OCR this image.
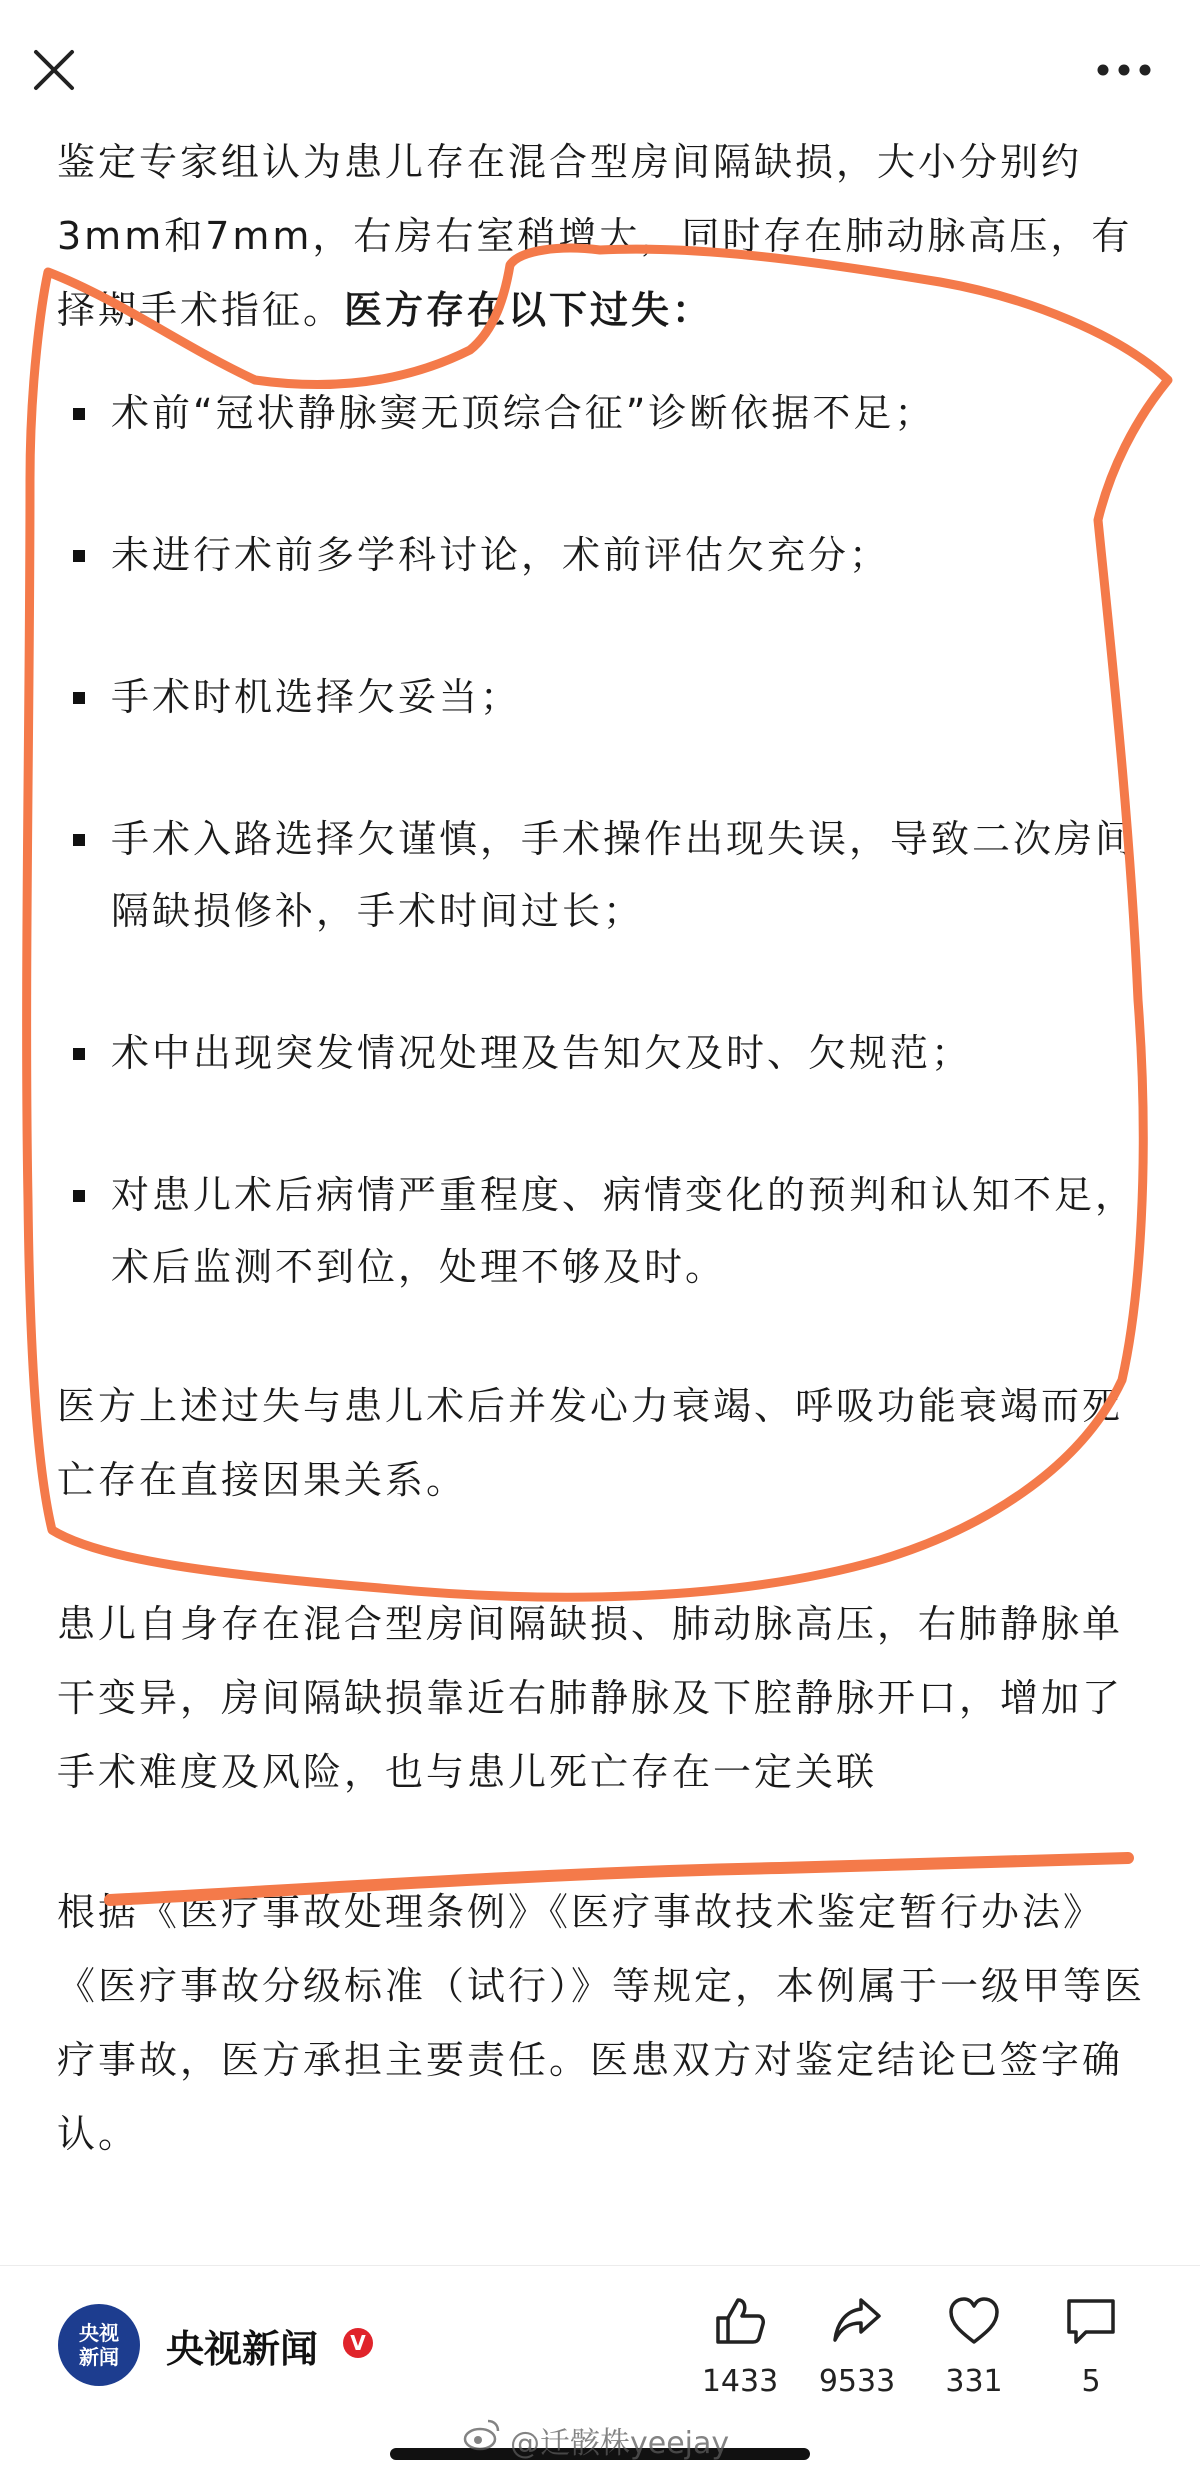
鉴定专家组认为患儿存在混合型房间隔缺损，大小分别约3mm和7mm，右房右室稍增大，同时存在肺动脉高压，有择期手术指征。医方存在以下过失：

术前“冠状静脉窦无顶综合征”诊断依据不足；
未进行术前多学科讨论，术前评估欠充分；
手术时机选择欠妥当；
手术入路选择欠谨慎，手术操作出现失误，导致二次房间隔缺损修补，手术时间过长；
术中出现突发情况处理及告知欠及时、欠规范；
对患儿术后病情严重程度、病情变化的预判和认知不足，术后监测不到位，处理不够及时。

医方上述过失与患儿术后并发心力衰竭、呼吸功能衰竭而死亡存在直接因果关系。

患儿自身存在混合型房间隔缺损、肺动脉高压，右肺静脉单干变异，房间隔缺损靠近右肺静脉及下腔静脉开口，增加了手术难度及风险，也与患儿死亡存在一定关联

根据《医疗事故处理条例》《医疗事故技术鉴定暂行办法》《医疗事故分级标准（试行）》等规定，本例属于一级甲等医疗事故，医方承担主要责任。医患双方对鉴定结论已签字确认。

央视
新闻 央视新闻	V
1433	9533	331	5
@迁骸株yeejay
